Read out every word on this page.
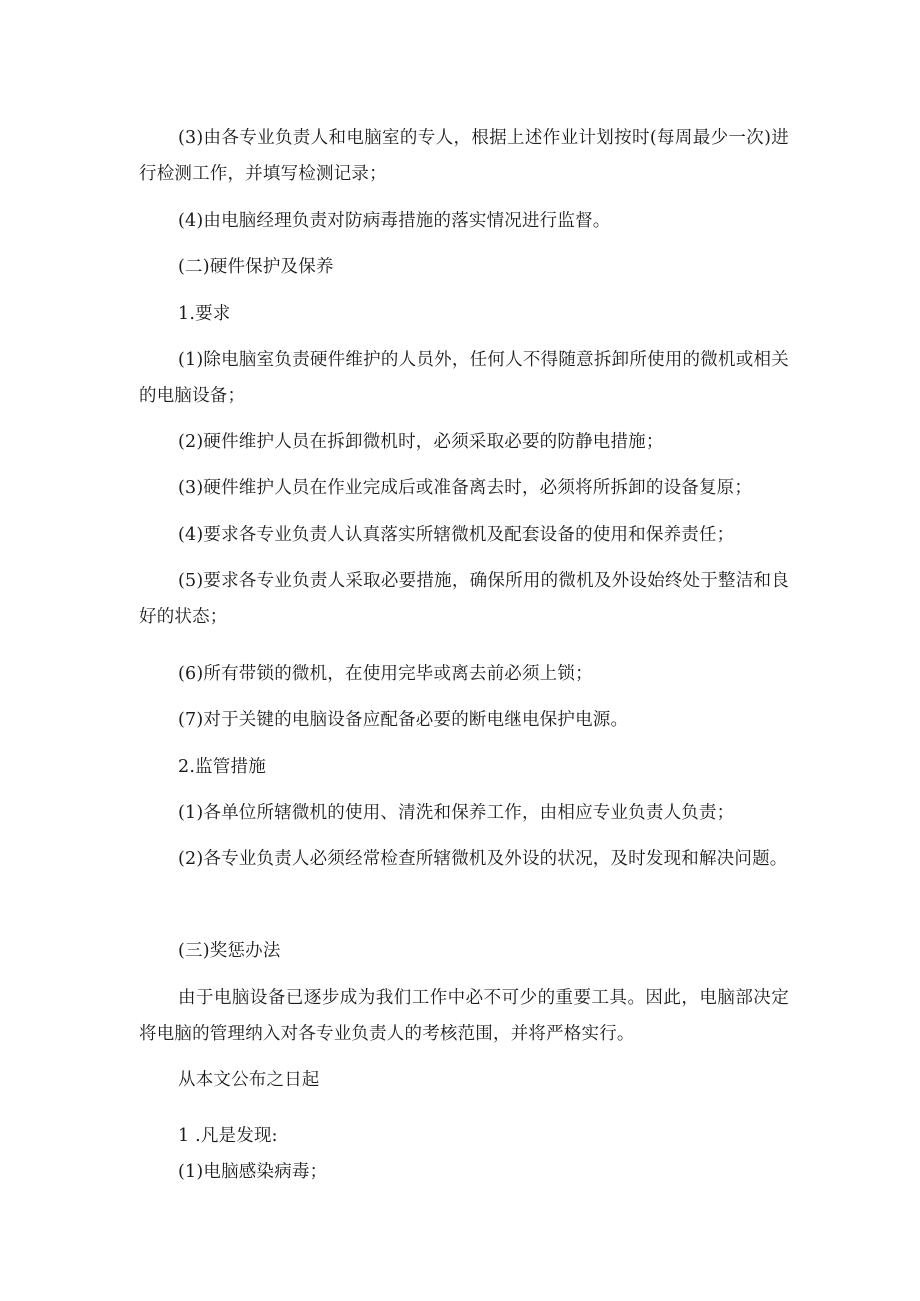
(3)由各专业负责人和电脑室的专人，根据上述作业计划按时(每周最少一次)进行检测工作，并填写检测记录；

(4)由电脑经理负责对防病毒措施的落实情况进行监督。

(二)硬件保护及保养

1.要求

(1)除电脑室负责硬件维护的人员外，任何人不得随意拆卸所使用的微机或相关的电脑设备；

(2)硬件维护人员在拆卸微机时，必须采取必要的防静电措施；

(3)硬件维护人员在作业完成后或准备离去时，必须将所拆卸的设备复原；

(4)要求各专业负责人认真落实所辖微机及配套设备的使用和保养责任；

(5)要求各专业负责人采取必要措施，确保所用的微机及外设始终处于整洁和良好的状态；

(6)所有带锁的微机，在使用完毕或离去前必须上锁；

(7)对于关键的电脑设备应配备必要的断电继电保护电源。

2.监管措施

(1)各单位所辖微机的使用、清洗和保养工作，由相应专业负责人负责；

(2)各专业负责人必须经常检查所辖微机及外设的状况，及时发现和解决问题。

(三)奖惩办法

由于电脑设备已逐步成为我们工作中必不可少的重要工具。因此，电脑部决定将电脑的管理纳入对各专业负责人的考核范围，并将严格实行。

从本文公布之日起

1 .凡是发现:

(1)电脑感染病毒；
